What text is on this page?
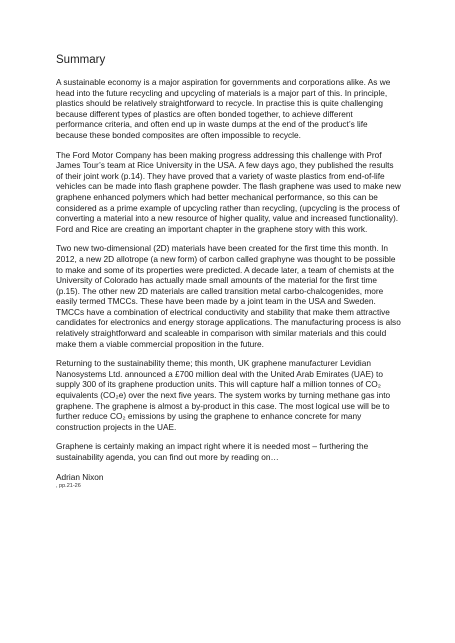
Summary

A sustainable economy is a major aspiration for governments and corporations alike. As we head into the future recycling and upcycling of materials is a major part of this. In principle, plastics should be relatively straightforward to recycle. In practise this is quite challenging because different types of plastics are often bonded together, to achieve different performance criteria, and often end up in waste dumps at the end of the product’s life because these bonded composites are often impossible to recycle.

The Ford Motor Company has been making progress addressing this challenge with Prof James Tour’s team at Rice University in the USA. A few days ago, they published the results of their joint work (p.14). They have proved that a variety of waste plastics from end-of-life vehicles can be made into flash graphene powder. The flash graphene was used to make new graphene enhanced polymers which had better mechanical performance, so this can be considered as a prime example of upcycling rather than recycling, (upcycling is the process of converting a material into a new resource of higher quality, value and increased functionality). Ford and Rice are creating an important chapter in the graphene story with this work.

Two new two-dimensional (2D) materials have been created for the first time this month. In 2012, a new 2D allotrope (a new form) of carbon called graphyne was thought to be possible to make and some of its properties were predicted. A decade later, a team of chemists at the University of Colorado has actually made small amounts of the material for the first time (p.15). The other new 2D materials are called transition metal carbo-chalcogenides, more easily termed TMCCs. These have been made by a joint team in the USA and Sweden. TMCCs have a combination of electrical conductivity and stability that make them attractive candidates for electronics and energy storage applications. The manufacturing process is also relatively straightforward and scaleable in comparison with similar materials and this could make them a viable commercial proposition in the future.

Returning to the sustainability theme; this month, UK graphene manufacturer Levidian Nanosystems Ltd. announced a £700 million deal with the United Arab Emirates (UAE) to supply 300 of its graphene production units. This will capture half a million tonnes of CO₂ equivalents (CO₂e) over the next five years. The system works by turning methane gas into graphene. The graphene is almost a by-product in this case. The most logical use will be to further reduce CO₂ emissions by using the graphene to enhance concrete for many construction projects in the UAE.

Graphene is certainly making an impact right where it is needed most – furthering the sustainability agenda, you can find out more by reading on…

Adrian Nixon
, pp.21-26
